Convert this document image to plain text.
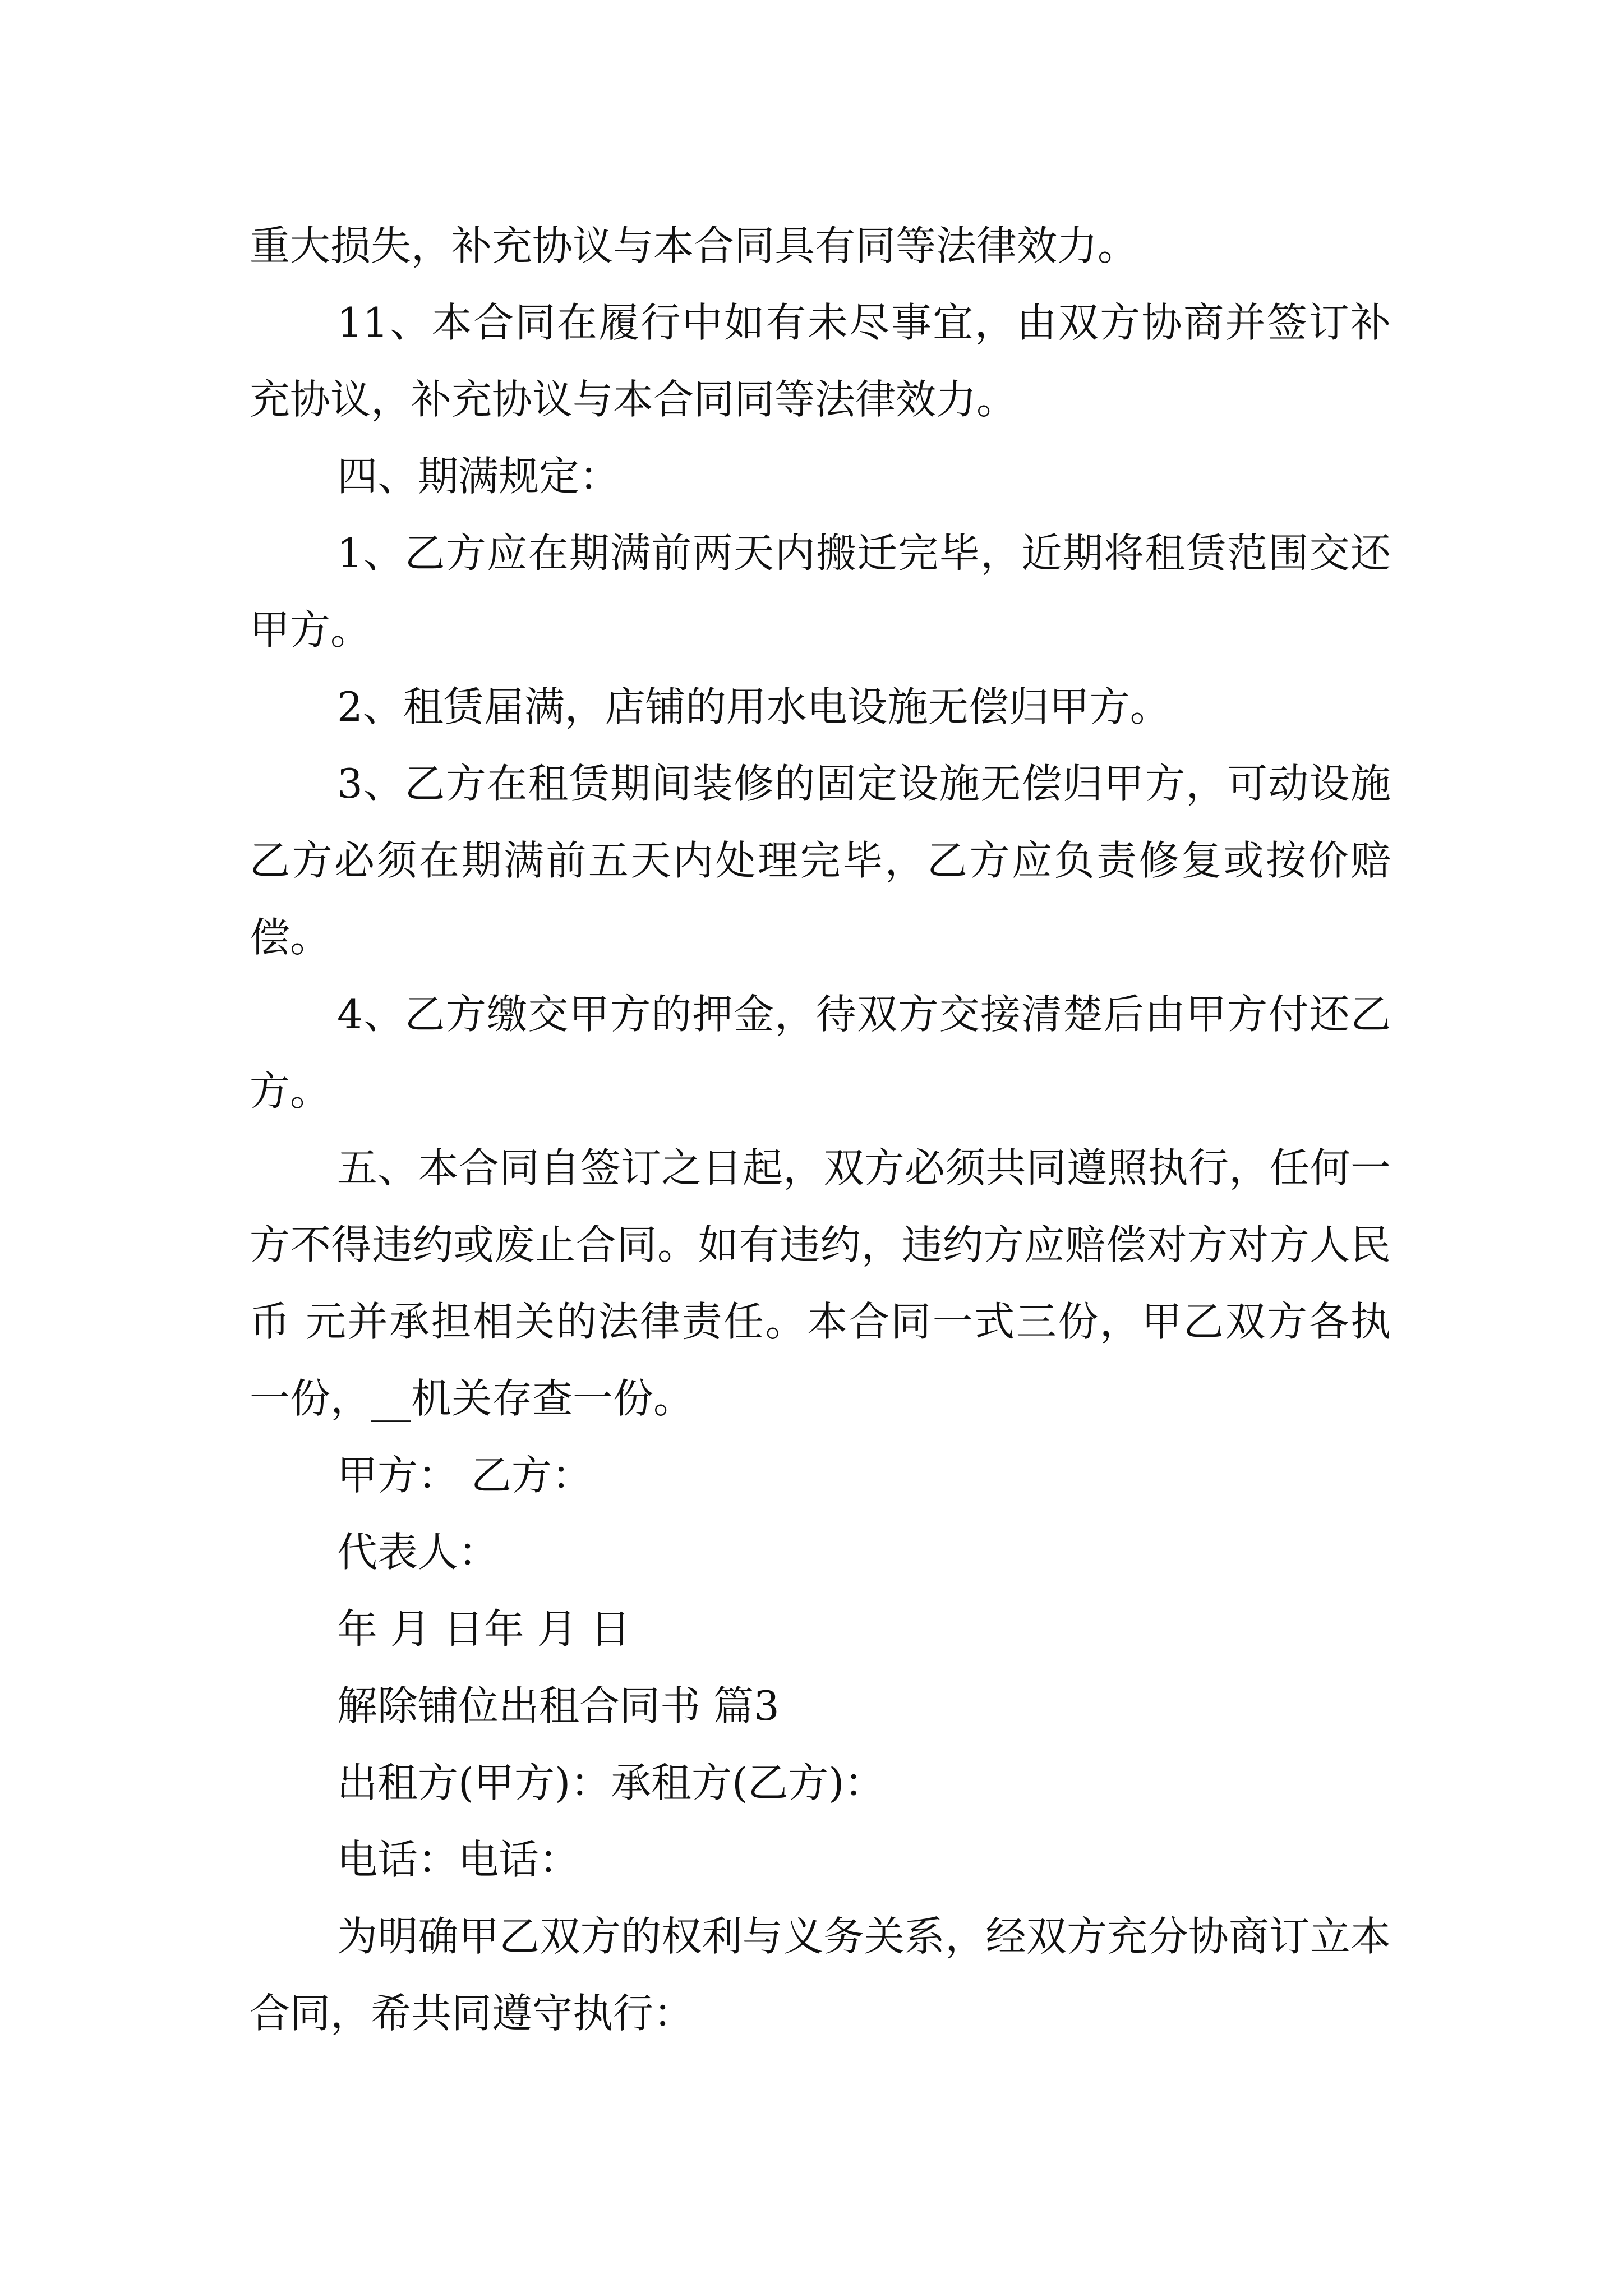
重大损失，补充协议与本合同具有同等法律效力。

11、本合同在履行中如有未尽事宜，由双方协商并签订补充协议，补充协议与本合同同等法律效力。

四、期满规定：

1、乙方应在期满前两天内搬迁完毕，近期将租赁范围交还甲方。

2、租赁届满，店铺的用水电设施无偿归甲方。

3、乙方在租赁期间装修的固定设施无偿归甲方，可动设施乙方必须在期满前五天内处理完毕，乙方应负责修复或按价赔偿。

4、乙方缴交甲方的押金，待双方交接清楚后由甲方付还乙方。

五、本合同自签订之日起，双方必须共同遵照执行，任何一方不得违约或废止合同。如有违约，违约方应赔偿对方对方人民币 元并承担相关的法律责任。本合同一式三份，甲乙双方各执一份，__机关存查一份。

甲方： 乙方：

代表人：

年 月 日年 月 日

解除铺位出租合同书 篇3

出租方(甲方)：承租方(乙方)：

电话：电话：

为明确甲乙双方的权利与义务关系，经双方充分协商订立本合同，希共同遵守执行：
